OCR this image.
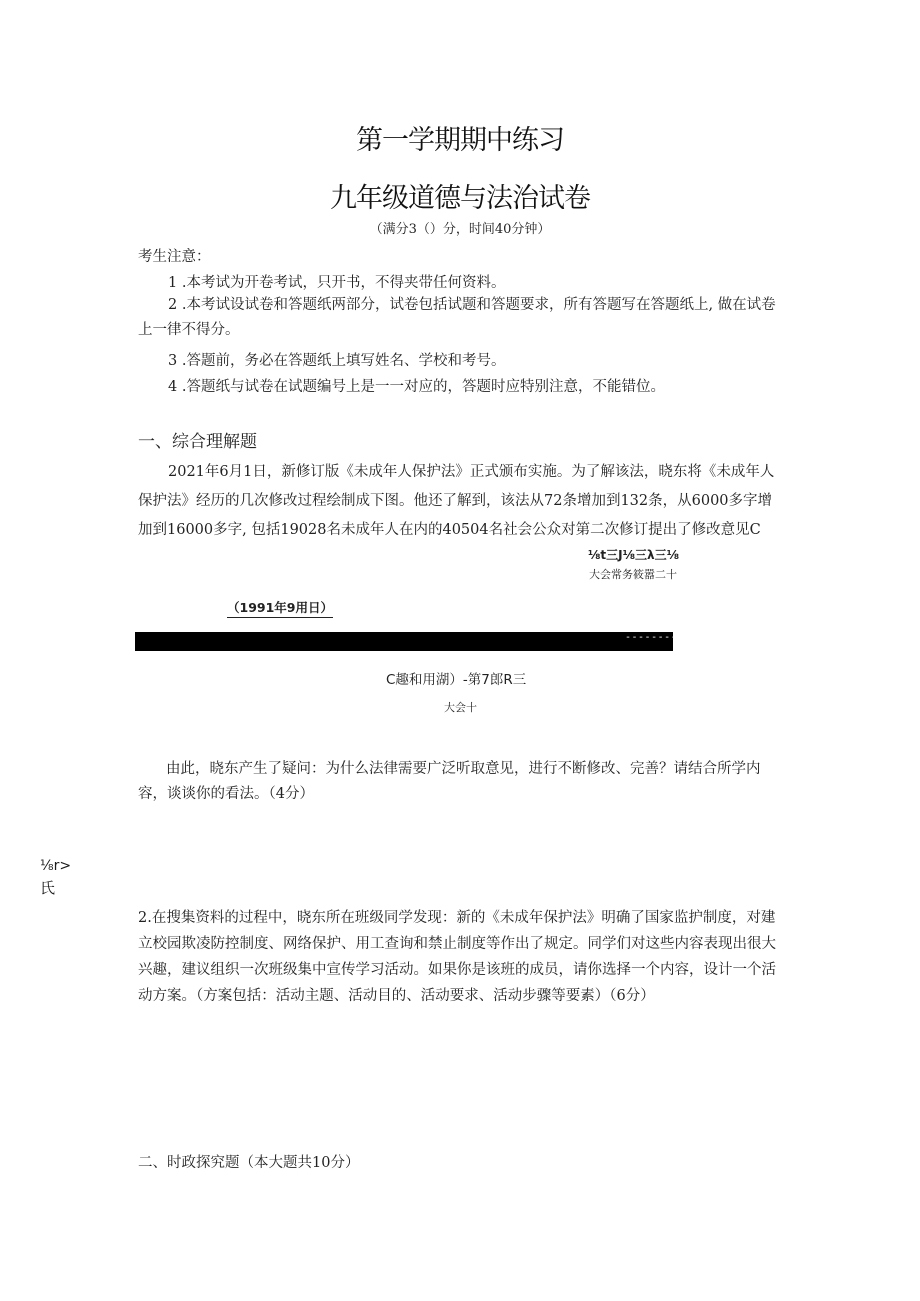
第一学期期中练习
九年级道德与法治试卷
（满分3（）分，时间40分钟）
考生注意：
1 .本考试为开卷考试，只开书，不得夹带任何资料。
2 .本考试设试卷和答题纸两部分，试卷包括试题和答题要求，所有答题写在答题纸上, 做在试卷上一律不得分。
3 .答题前，务必在答题纸上填写姓名、学校和考号。
4 .答题纸与试卷在试题编号上是一一对应的，答题时应特别注意，不能错位。
一、综合理解题
2021年6月1日，新修订版《未成年人保护法》正式颁布实施。为了解该法，晓东将《未成年人保护法》经历的几次修改过程绘制成下图。他还了解到，该法从72条增加到132条，从6000多字增加到16000多字, 包括19028名未成年人在内的40504名社会公众对第二次修订提出了修改意见C
⅛t三J⅛三λ三⅛
大会常务筱嚣二十
（1991年9用日）
----------
C趣和用湖）-第7郎R三
大会十
由此，晓东产生了疑问：为什么法律需要广泛听取意见，进行不断修改、完善？请结合所学内容，谈谈你的看法。（4分）
⅛r>
氏
2.在搜集资料的过程中，晓东所在班级同学发现：新的《未成年保护法》明确了国家监护制度，对建立校园欺凌防控制度、网络保护、用工查询和禁止制度等作出了规定。同学们对这些内容表现出很大兴趣，建议组织一次班级集中宣传学习活动。如果你是该班的成员，请你选择一个内容，设计一个活动方案。（方案包括：活动主题、活动目的、活动要求、活动步骤等要素）（6分）
二、时政探究题（本大题共10分）
